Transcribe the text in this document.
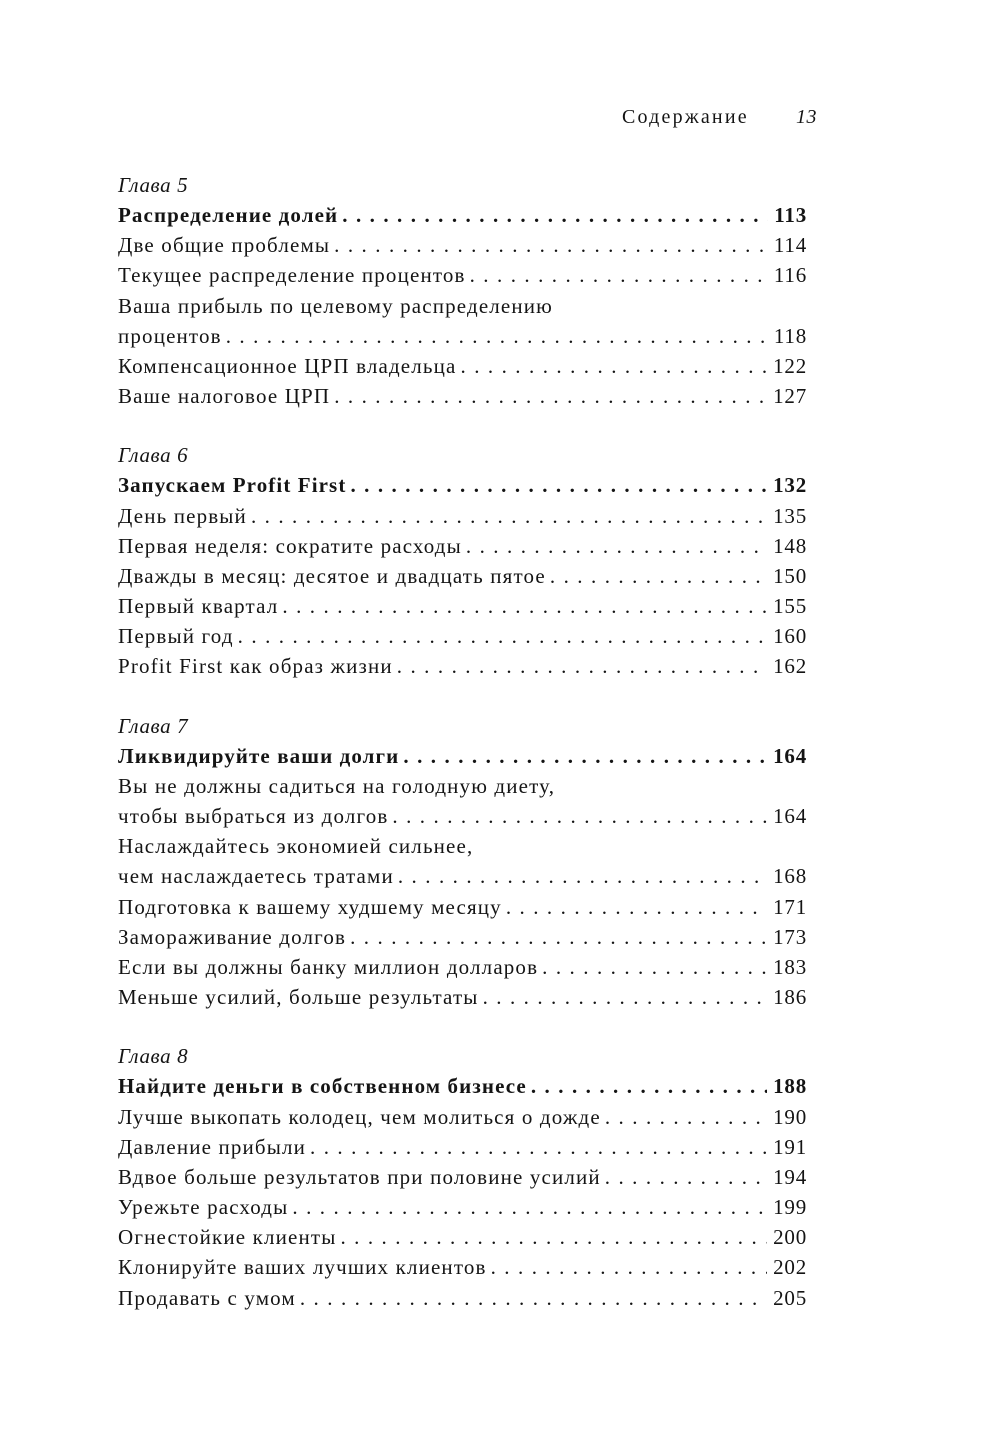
Содержание 13
Глава 5
Распределение долей . . .	113
Две общие проблемы . . .	114
Текущее распределение процентов . . .	116
Ваша прибыль по целевому распределению
процентов . . .	118
Компенсационное ЦРП владельца . . .	122
Ваше налоговое ЦРП . . .	127
Глава 6
Запускаем Profit First . . .	132
День первый . . .	135
Первая неделя: сократите расходы . . .	148
Дважды в месяц: десятое и двадцать пятое . . .	150
Первый квартал . . .	155
Первый год . . .	160
Profit First как образ жизни . . .	162
Глава 7
Ликвидируйте ваши долги . . .	164
Вы не должны садиться на голодную диету,
чтобы выбраться из долгов . . .	164
Наслаждайтесь экономией сильнее,
чем наслаждаетесь тратами . . .	168
Подготовка к вашему худшему месяцу . . .	171
Замораживание долгов . . .	173
Если вы должны банку миллион долларов . . .	183
Меньше усилий, больше результаты . . .	186
Глава 8
Найдите деньги в собственном бизнесе . . .	188
Лучше выкопать колодец, чем молиться о дожде . . .	190
Давление прибыли . . .	191
Вдвое больше результатов при половине усилий . . .	194
Урежьте расходы . . .	199
Огнестойкие клиенты . . .	200
Клонируйте ваших лучших клиентов . . .	202
Продавать с умом . . .	205
